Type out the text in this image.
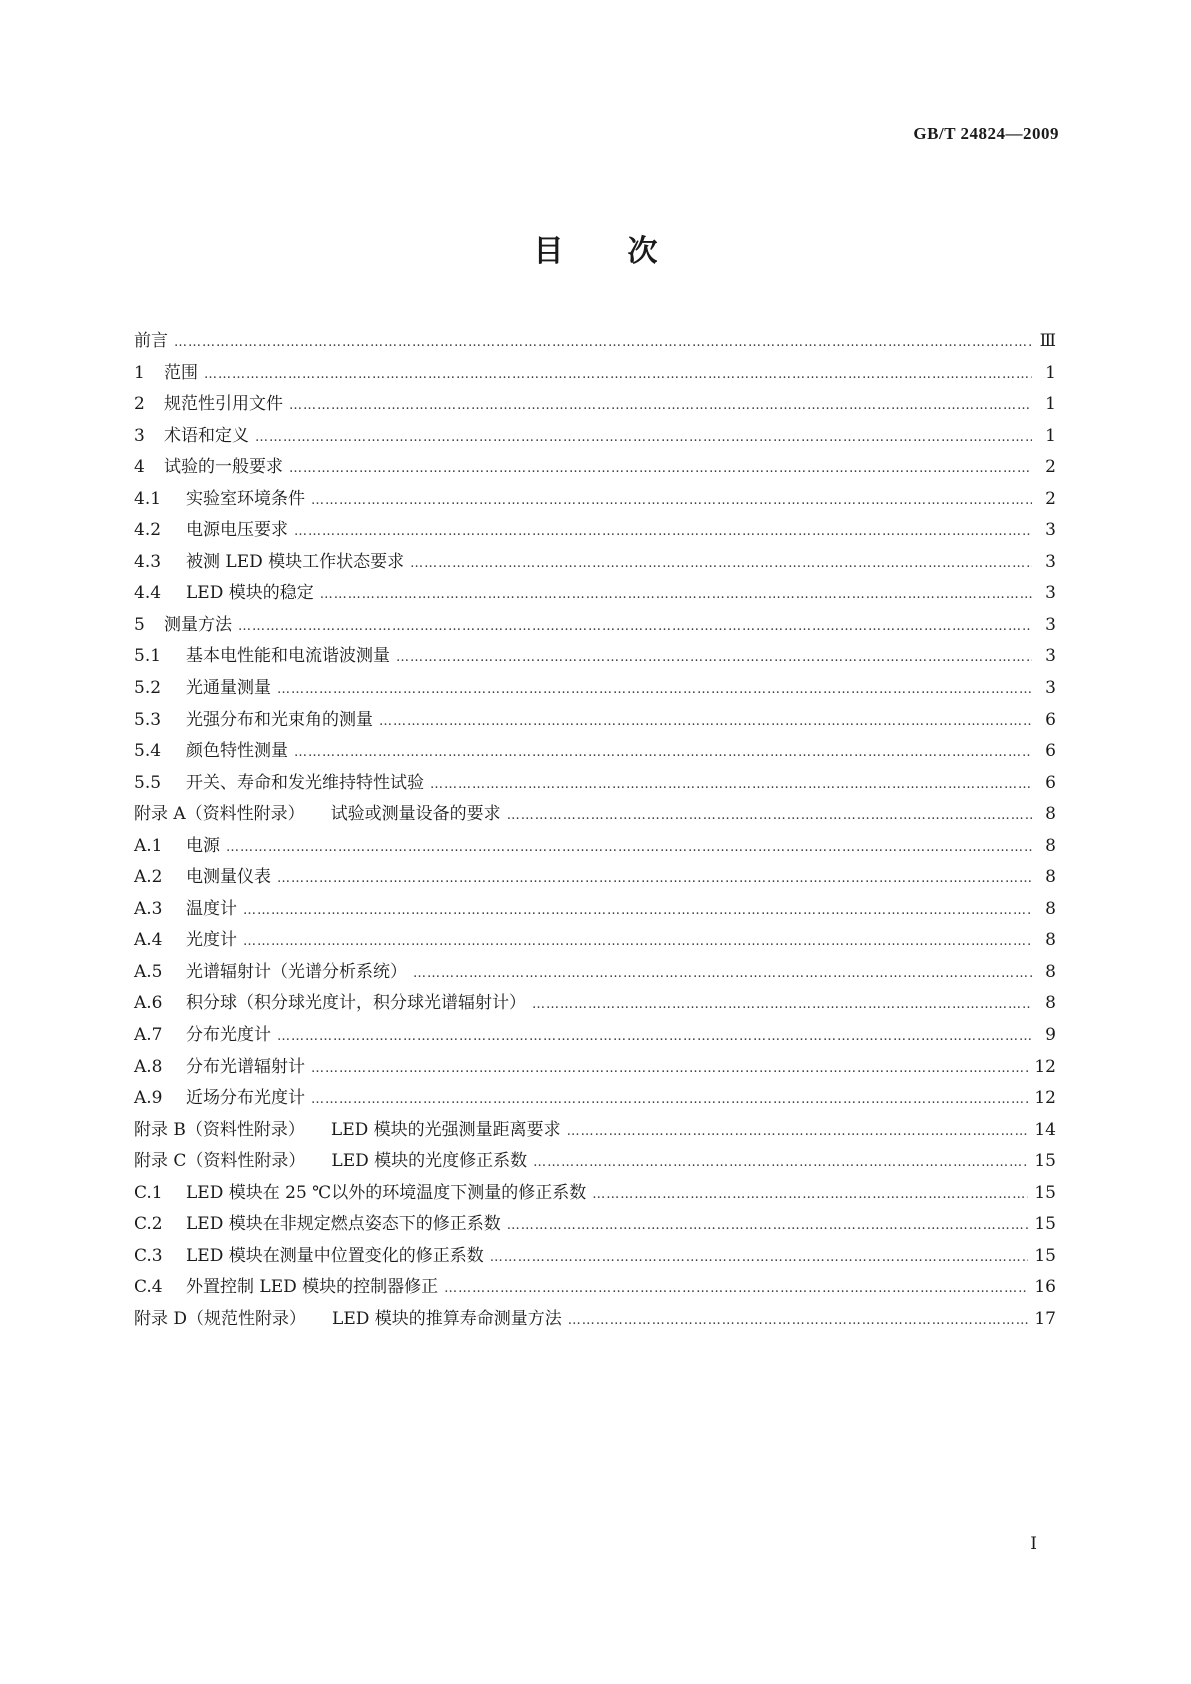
GB/T 24824—2009
目次
前言 …………………………………………………………………………………………………………………………………………………………………………………………	Ⅲ
1 范围 …………………………………………………………………………………………………………………………………………………………………………………………	1
2 规范性引用文件 …………………………………………………………………………………………………………………………………………………………………………………………	1
3 术语和定义 …………………………………………………………………………………………………………………………………………………………………………………………	1
4 试验的一般要求 …………………………………………………………………………………………………………………………………………………………………………………………	2
4.1 实验室环境条件 …………………………………………………………………………………………………………………………………………………………………………………………	2
4.2 电源电压要求 …………………………………………………………………………………………………………………………………………………………………………………………	3
4.3 被测 LED 模块工作状态要求 …………………………………………………………………………………………………………………………………………………………………………………………	3
4.4 LED 模块的稳定 …………………………………………………………………………………………………………………………………………………………………………………………	3
5 测量方法 …………………………………………………………………………………………………………………………………………………………………………………………	3
5.1 基本电性能和电流谐波测量 …………………………………………………………………………………………………………………………………………………………………………………………	3
5.2 光通量测量 …………………………………………………………………………………………………………………………………………………………………………………………	3
5.3 光强分布和光束角的测量 …………………………………………………………………………………………………………………………………………………………………………………………	6
5.4 颜色特性测量 …………………………………………………………………………………………………………………………………………………………………………………………	6
5.5 开关、寿命和发光维持特性试验 …………………………………………………………………………………………………………………………………………………………………………………………	6
附录 A（资料性附录） 试验或测量设备的要求 …………………………………………………………………………………………………………………………………………………………………………………………	8
A.1 电源 …………………………………………………………………………………………………………………………………………………………………………………………	8
A.2 电测量仪表 …………………………………………………………………………………………………………………………………………………………………………………………	8
A.3 温度计 …………………………………………………………………………………………………………………………………………………………………………………………	8
A.4 光度计 …………………………………………………………………………………………………………………………………………………………………………………………	8
A.5 光谱辐射计（光谱分析系统） …………………………………………………………………………………………………………………………………………………………………………………………	8
A.6 积分球（积分球光度计，积分球光谱辐射计） …………………………………………………………………………………………………………………………………………………………………………………………	8
A.7 分布光度计 …………………………………………………………………………………………………………………………………………………………………………………………	9
A.8 分布光谱辐射计 …………………………………………………………………………………………………………………………………………………………………………………………	12
A.9 近场分布光度计 …………………………………………………………………………………………………………………………………………………………………………………………	12
附录 B（资料性附录） LED 模块的光强测量距离要求 …………………………………………………………………………………………………………………………………………………………………………………………	14
附录 C（资料性附录） LED 模块的光度修正系数 …………………………………………………………………………………………………………………………………………………………………………………………	15
C.1 LED 模块在 25 ℃以外的环境温度下测量的修正系数 …………………………………………………………………………………………………………………………………………………………………………………………	15
C.2 LED 模块在非规定燃点姿态下的修正系数 …………………………………………………………………………………………………………………………………………………………………………………………	15
C.3 LED 模块在测量中位置变化的修正系数 …………………………………………………………………………………………………………………………………………………………………………………………	15
C.4 外置控制 LED 模块的控制器修正 …………………………………………………………………………………………………………………………………………………………………………………………	16
附录 D（规范性附录） LED 模块的推算寿命测量方法 …………………………………………………………………………………………………………………………………………………………………………………………	17
I
